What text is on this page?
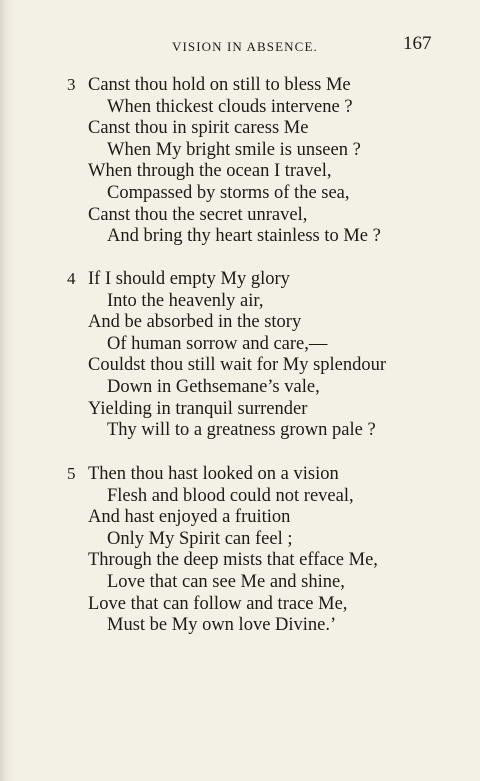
VISION IN ABSENCE.	167
3 Canst thou hold on still to bless Me
When thickest clouds intervene ?
Canst thou in spirit caress Me
When My bright smile is unseen ?
When through the ocean I travel,
Compassed by storms of the sea,
Canst thou the secret unravel,
And bring thy heart stainless to Me ?
4 If I should empty My glory
Into the heavenly air,
And be absorbed in the story
Of human sorrow and care,—
Couldst thou still wait for My splendour
Down in Gethsemane’s vale,
Yielding in tranquil surrender
Thy will to a greatness grown pale ?
5 Then thou hast looked on a vision
Flesh and blood could not reveal,
And hast enjoyed a fruition
Only My Spirit can feel ;
Through the deep mists that efface Me,
Love that can see Me and shine,
Love that can follow and trace Me,
Must be My own love Divine.’
